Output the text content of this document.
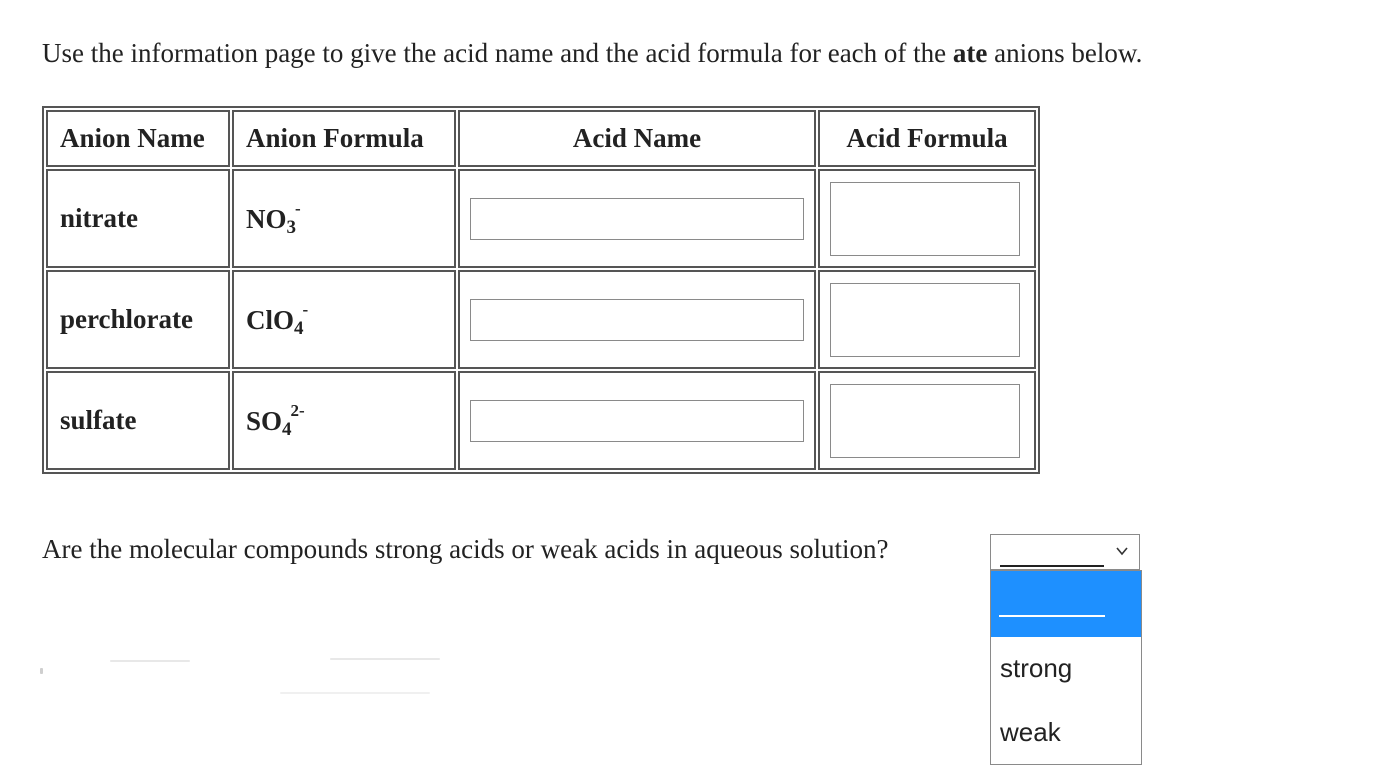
Use the information page to give the acid name and the acid formula for each of the ate anions below.

Anion Name	Anion Formula	Acid Name	Acid Formula
nitrate	$NO_3^-$	

perchlorate	ClO$_4$-	

sulfate	$SO_4^{2-}$	

Are the molecular compounds strong acids or weak acids in aqueous solution?

strong
weak
